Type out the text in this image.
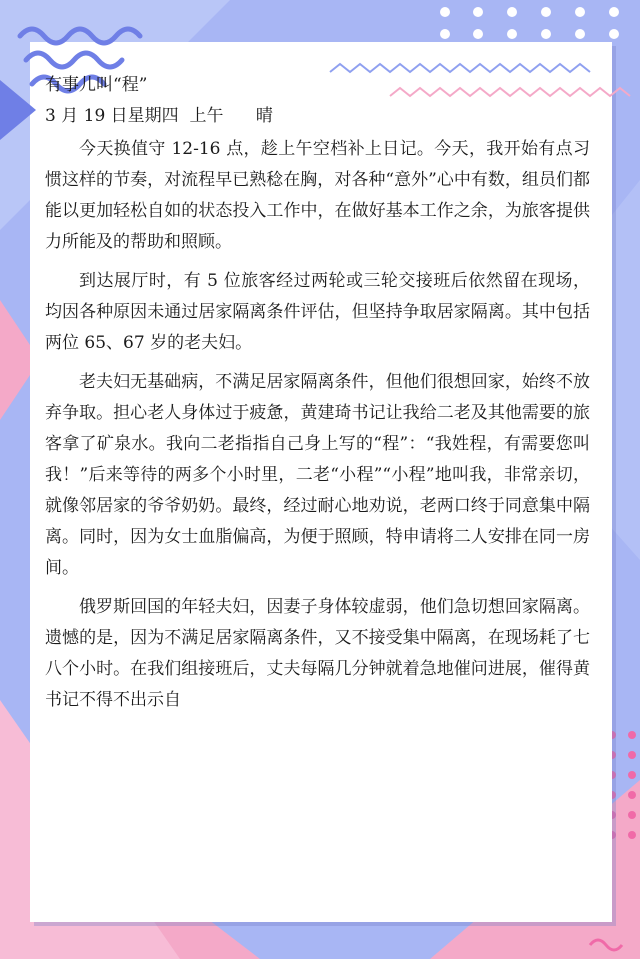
有事儿叫“程”

3 月 19 日星期四  上午      晴

今天换值守 12-16 点，趁上午空档补上日记。今天，我开始有点习惯这样的节奏，对流程早已熟稔在胸，对各种“意外”心中有数，组员们都能以更加轻松自如的状态投入工作中，在做好基本工作之余，为旅客提供力所能及的帮助和照顾。

到达展厅时，有 5 位旅客经过两轮或三轮交接班后依然留在现场，均因各种原因未通过居家隔离条件评估，但坚持争取居家隔离。其中包括两位 65、67 岁的老夫妇。

老夫妇无基础病，不满足居家隔离条件，但他们很想回家，始终不放弃争取。担心老人身体过于疲惫，黄建琦书记让我给二老及其他需要的旅客拿了矿泉水。我向二老指指自己身上写的“程”：“我姓程，有需要您叫我！”后来等待的两多个小时里，二老“小程”“小程”地叫我，非常亲切，就像邻居家的爷爷奶奶。最终，经过耐心地劝说，老两口终于同意集中隔离。同时，因为女士血脂偏高，为便于照顾，特申请将二人安排在同一房间。

俄罗斯回国的年轻夫妇，因妻子身体较虚弱，他们急切想回家隔离。遗憾的是，因为不满足居家隔离条件，又不接受集中隔离，在现场耗了七八个小时。在我们组接班后，丈夫每隔几分钟就着急地催问进展，催得黄书记不得不出示自
